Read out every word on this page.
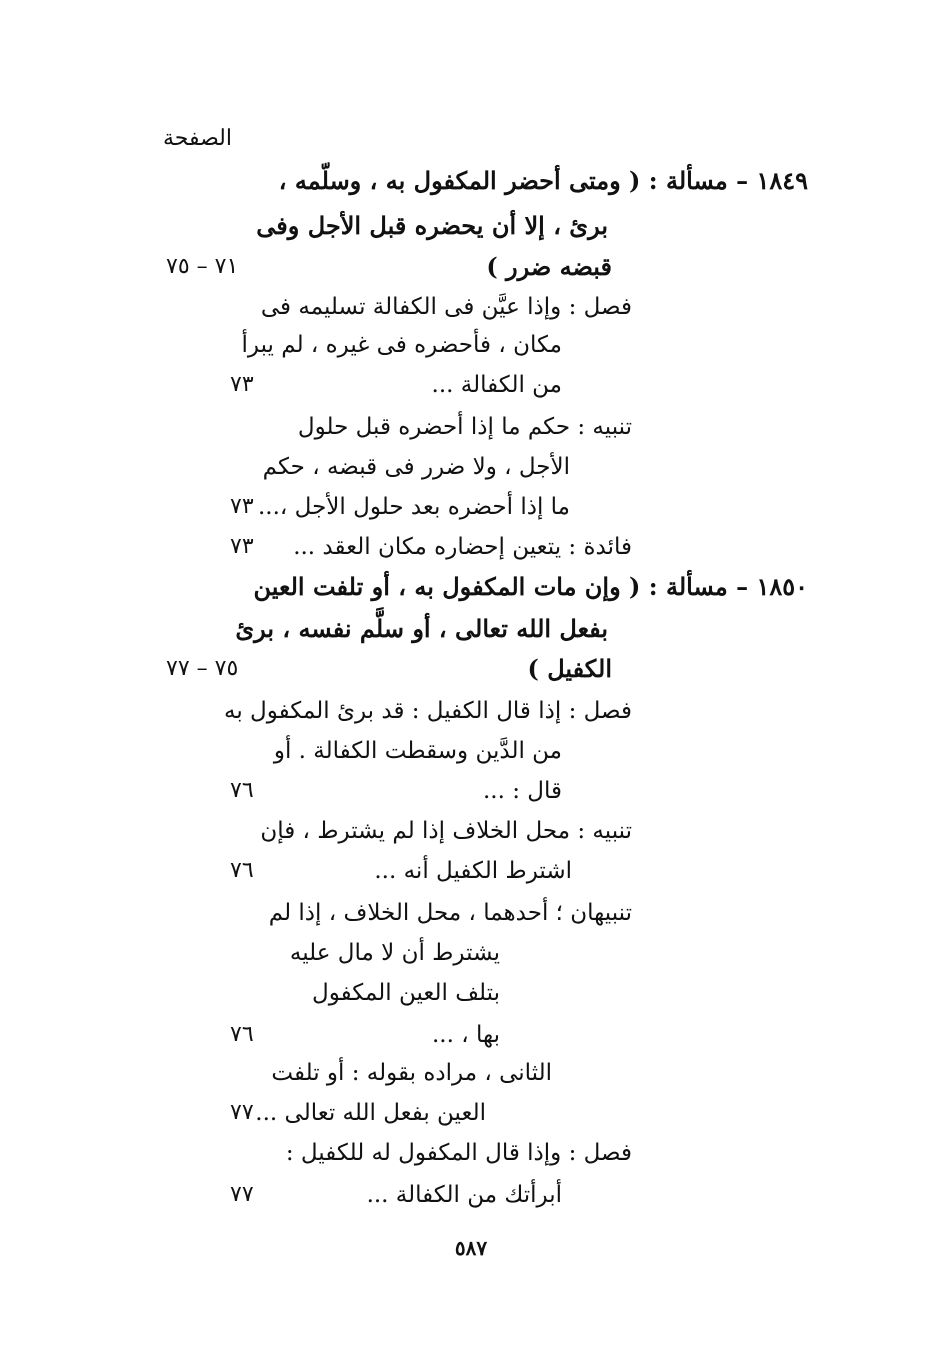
الصفحة
١٨٤٩ – مسألة : ( ومتى أحضر المكفول به ، وسلّمه ،
برئ ، إلا أن يحضره قبل الأجل وفى
قبضه ضرر )
٧١ – ٧٥
فصل : وإذا عيَّن فى الكفالة تسليمه فى
مكان ، فأحضره فى غيره ، لم يبرأ
من الكفالة ...
٧٣
تنبيه : حكم ما إذا أحضره قبل حلول
الأجل ، ولا ضرر فى قبضه ، حكم
ما إذا أحضره بعد حلول الأجل ،...
٧٣
فائدة : يتعين إحضاره مكان العقد ...
٧٣
١٨٥٠ – مسألة : ( وإن مات المكفول به ، أو تلفت العين
بفعل الله تعالى ، أو سلَّم نفسه ، برئ
الكفيل )
٧٥ – ٧٧
فصل : إذا قال الكفيل : قد برئ المكفول به
من الدَّين وسقطت الكفالة . أو
قال : ...
٧٦
تنبيه : محل الخلاف إذا لم يشترط ، فإن
اشترط الكفيل أنه ...
٧٦
تنبيهان ؛ أحدهما ، محل الخلاف ، إذا لم
يشترط أن لا مال عليه
بتلف العين المكفول
بها ، ...
٧٦
الثانى ، مراده بقوله : أو تلفت
العين بفعل الله تعالى ...
٧٧
فصل : وإذا قال المكفول له للكفيل :
أبرأتك من الكفالة ...
٧٧
٥٨٧
